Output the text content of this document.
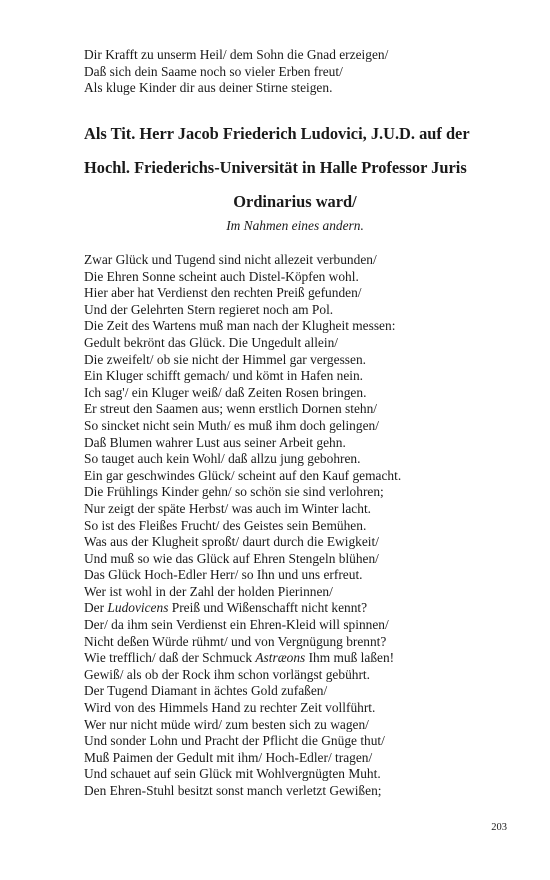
Dir Krafft zu unserm Heil/ dem Sohn die Gnad erzeigen/
Daß sich dein Saame noch so vieler Erben freut/
Als kluge Kinder dir aus deiner Stirne steigen.
Als Tit. Herr Jacob Friederich Ludovici, J.U.D. auf der
Hochl. Friederichs-Universität in Halle Professor Juris
Ordinarius ward/
Im Nahmen eines andern.
Zwar Glück und Tugend sind nicht allezeit verbunden/
Die Ehren Sonne scheint auch Distel-Köpfen wohl.
Hier aber hat Verdienst den rechten Preiß gefunden/
Und der Gelehrten Stern regieret noch am Pol.
Die Zeit des Wartens muß man nach der Klugheit messen:
Gedult bekrönt das Glück. Die Ungedult allein/
Die zweifelt/ ob sie nicht der Himmel gar vergessen.
Ein Kluger schifft gemach/ und kömt in Hafen nein.
Ich sag'/ ein Kluger weiß/ daß Zeiten Rosen bringen.
Er streut den Saamen aus; wenn erstlich Dornen stehn/
So sincket nicht sein Muth/ es muß ihm doch gelingen/
Daß Blumen wahrer Lust aus seiner Arbeit gehn.
So tauget auch kein Wohl/ daß allzu jung gebohren.
Ein gar geschwindes Glück/ scheint auf den Kauf gemacht.
Die Frühlings Kinder gehn/ so schön sie sind verlohren;
Nur zeigt der späte Herbst/ was auch im Winter lacht.
So ist des Fleißes Frucht/ des Geistes sein Bemühen.
Was aus der Klugheit sproßt/ daurt durch die Ewigkeit/
Und muß so wie das Glück auf Ehren Stengeln blühen/
Das Glück Hoch-Edler Herr/ so Ihn und uns erfreut.
Wer ist wohl in der Zahl der holden Pierinnen/
Der Ludovicens Preiß und Wißenschafft nicht kennt?
Der/ da ihm sein Verdienst ein Ehren-Kleid will spinnen/
Nicht deßen Würde rühmt/ und von Vergnügung brennt?
Wie trefflich/ daß der Schmuck Astræons Ihm muß laßen!
Gewiß/ als ob der Rock ihm schon vorlängst gebührt.
Der Tugend Diamant in ächtes Gold zufaßen/
Wird von des Himmels Hand zu rechter Zeit vollführt.
Wer nur nicht müde wird/ zum besten sich zu wagen/
Und sonder Lohn und Pracht der Pflicht die Gnüge thut/
Muß Paimen der Gedult mit ihm/ Hoch-Edler/ tragen/
Und schauet auf sein Glück mit Wohlvergnügten Muht.
Den Ehren-Stuhl besitzt sonst manch verletzt Gewißen;
203
